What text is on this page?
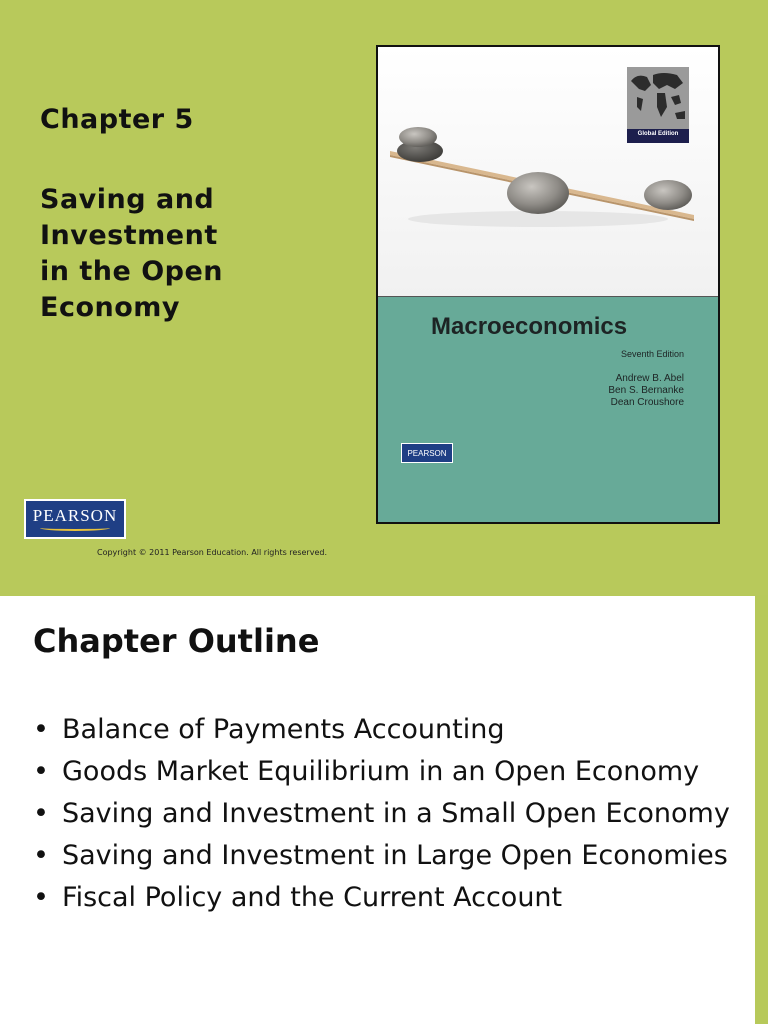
Chapter 5
Saving and
Investment
in the Open
Economy
PEARSON
Copyright © 2011 Pearson Education. All rights reserved.
Global Edition
Macroeconomics
Seventh Edition
Andrew B. Abel
Ben S. Bernanke
Dean Croushore
PEARSON
Chapter Outline
• Balance of Payments Accounting
• Goods Market Equilibrium in an Open Economy
• Saving and Investment in a Small Open Economy
• Saving and Investment in Large Open Economies
• Fiscal Policy and the Current Account
